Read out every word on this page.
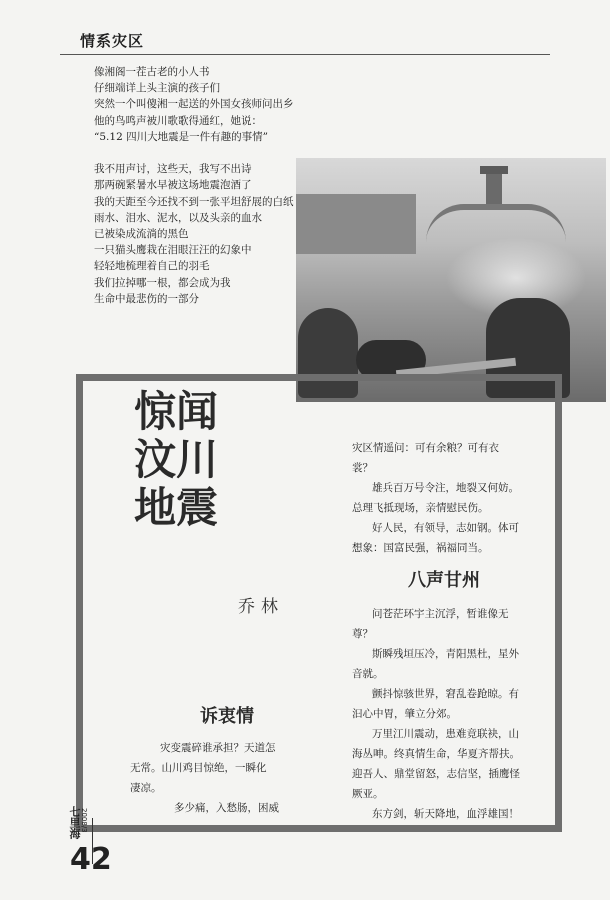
情系灾区
像湘阁一茬古老的小人书
仔细端详上头主演的孩子们
突然一个叫傻湘一起送的外国女孩师问出乡
他的鸟鸣声被川歌歌得通红，她说：
“5.12 四川大地震是一件有趣的事情”
我不用声讨，这些天，我写不出诗
那两碗紧暑水早被这场地震泡酒了
我的天距至今还找不到一张平坦舒展的白纸
雨水、泪水、泥水，以及头亲的血水
已被染成流淌的黑色
一只猫头鹰栽在泪眼汪汪的幻象中
轻轻地梳理着自己的羽毛
我们拉掉哪一根，都会成为我
生命中最悲伤的一部分
惊闻
汶川
地震
乔林
诉衷情
灾变震碎谁承担？天道怎
无常。山川鸡目惊绝，一瞬化
凄凉。
多少痛，入愁肠，困威
灾区情遥问：可有余粮？可有衣
裳？
雄兵百万号令注，地裂又何妨。
总理飞抵现场，亲情慰民伤。
好人民，有领导，志如钢。体可
想象：国富民强，祸福同当。
八声甘州
问苍茫环宇主沉浮，暂谁像无
尊？
斯瞬残垣压冷，青阳黑杜，星外
音就。
颤抖惊骇世界，窘乱卷跄晾。有
汩心中胃，肇立分郊。
万里江川震动，患难竟联袂，山
海丛呻。终真情生命，华夏齐帮扶。
迎吾人、鼎堂留怒，志信坚，插鹰怪
厥亚。
东方剑，斩天降地，血浮雄国！
七里海 2008/3
42
